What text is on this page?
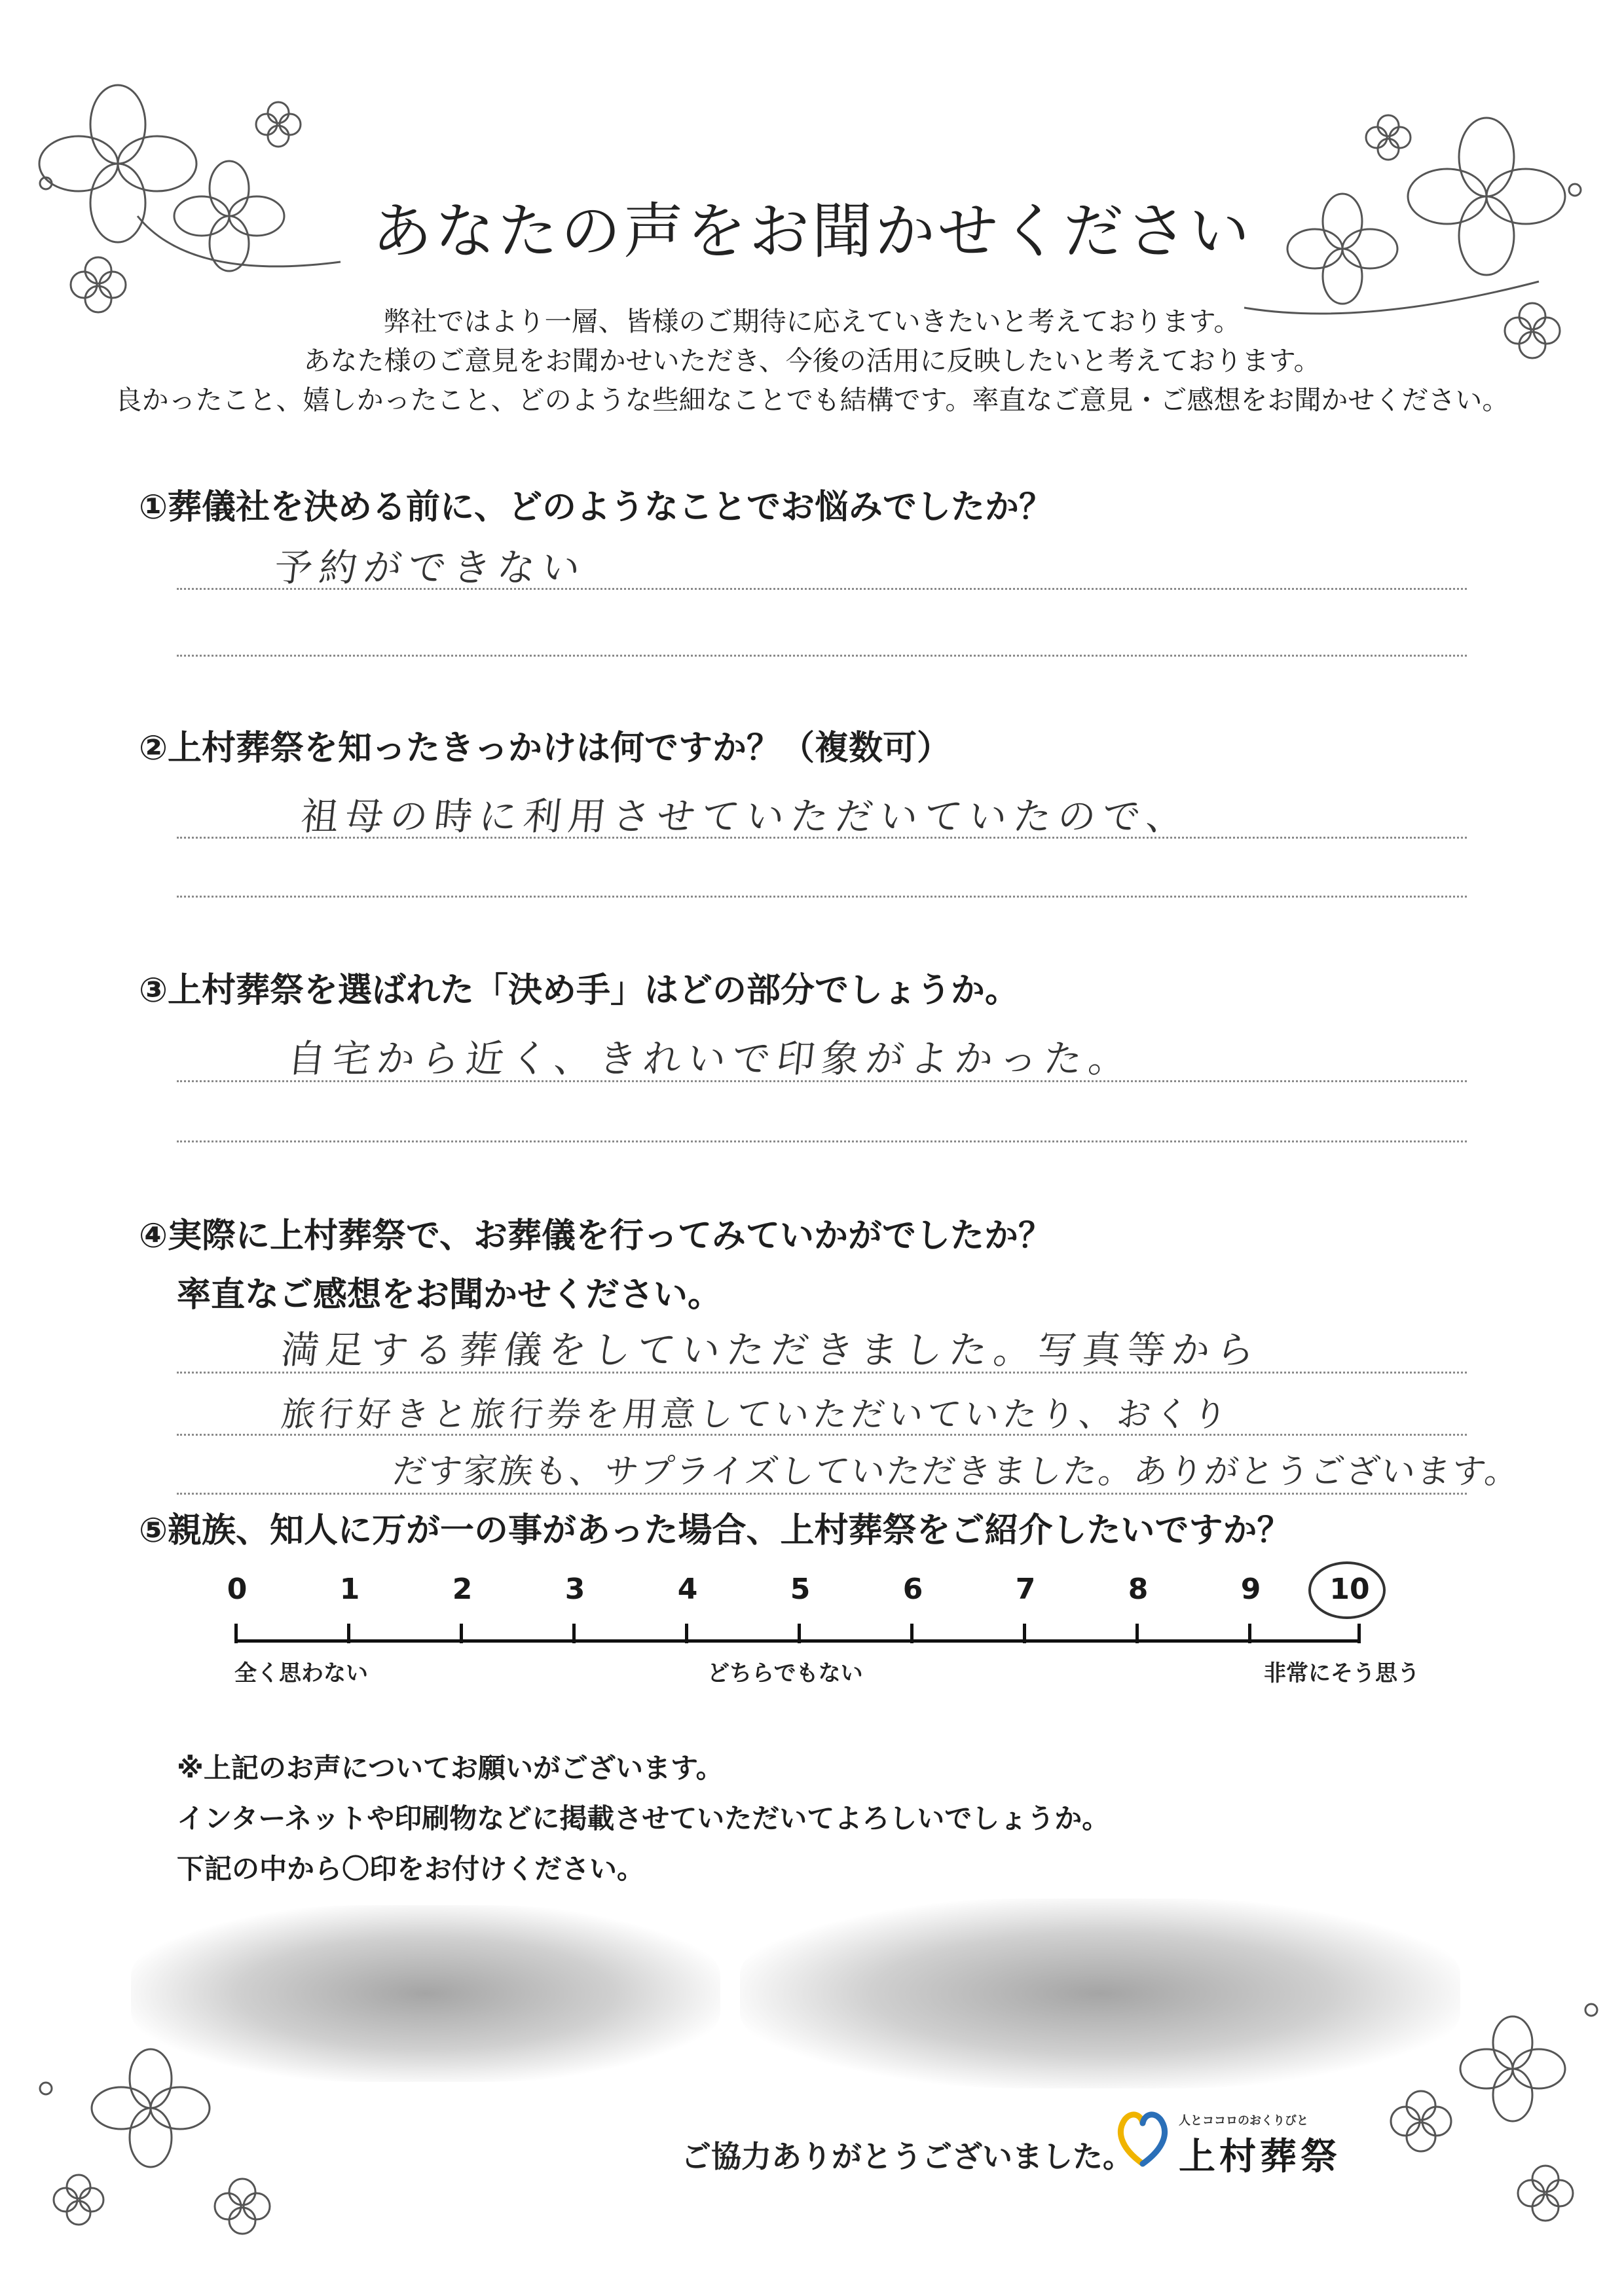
あなたの声をお聞かせください
弊社ではより一層、皆様のご期待に応えていきたいと考えております。
あなた様のご意見をお聞かせいただき、今後の活用に反映したいと考えております。
良かったこと、嬉しかったこと、どのような些細なことでも結構です。率直なご意見・ご感想をお聞かせください。
①葬儀社を決める前に、どのようなことでお悩みでしたか？
予約ができない
②上村葬祭を知ったきっかけは何ですか？（複数可）
祖母の時に利用させていただいていたので、
③上村葬祭を選ばれた「決め手」はどの部分でしょうか。
自宅から近く、きれいで印象がよかった。
④実際に上村葬祭で、お葬儀を行ってみていかがでしたか？
率直なご感想をお聞かせください。
満足する葬儀をしていただきました。写真等から
旅行好きと旅行券を用意していただいていたり、おくり
だす家族も、サプライズしていただきました。ありがとうございます。
⑤親族、知人に万が一の事があった場合、上村葬祭をご紹介したいですか？
0	1	2	3	4	5	6	7	8	9	10
全く思わない	どちらでもない	非常にそう思う
※上記のお声についてお願いがございます。
インターネットや印刷物などに掲載させていただいてよろしいでしょうか。
下記の中から〇印をお付けください。
ご協力ありがとうございました。
人とココロのおくりびと
上村葬祭
